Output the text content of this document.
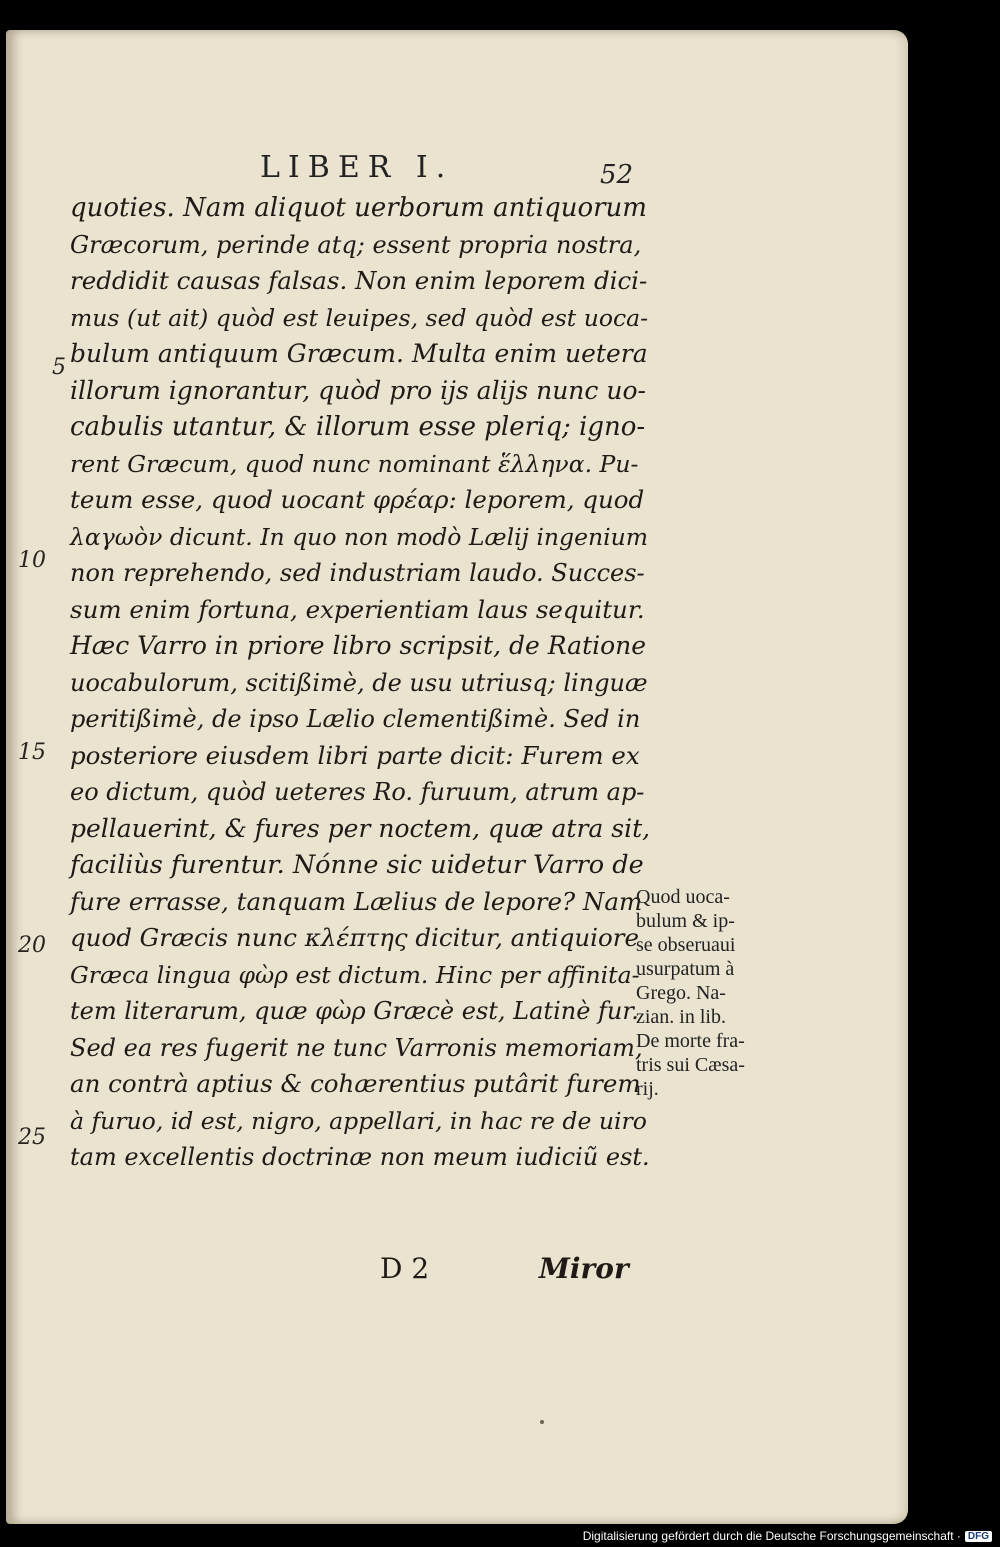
LIBER I.	52
quoties. Nam aliquot uerborum antiquorum
Græcorum, perinde atq; essent propria nostra,
reddidit causas falsas. Non enim leporem dici-
mus (ut ait) quòd est leuipes, sed quòd est uoca-
bulum antiquum Græcum. Multa enim uetera
illorum ignorantur, quòd pro ijs alijs nunc uo-
cabulis utantur, & illorum esse pleriq; igno-
rent Græcum, quod nunc nominant ἕλληνα. Pu-
teum esse, quod uocant φρέαρ: leporem, quod
λαγωὸν dicunt. In quo non modò Lælij ingenium
non reprehendo, sed industriam laudo. Succes-
sum enim fortuna, experientiam laus sequitur.
Hæc Varro in priore libro scripsit, de Ratione
uocabulorum, scitißimè, de usu utriusq; linguæ
peritißimè, de ipso Lælio clementißimè. Sed in
posteriore eiusdem libri parte dicit: Furem ex
eo dictum, quòd ueteres Ro. furuum, atrum ap-
pellauerint, & fures per noctem, quæ atra sit,
faciliùs furentur. Nónne sic uidetur Varro de
fure errasse, tanquam Lælius de lepore? Nam
quod Græcis nunc κλέπτης dicitur, antiquiore
Græca lingua φὼρ est dictum. Hinc per affinita-
tem literarum, quæ φὼρ Græcè est, Latinè fur.
Sed ea res fugerit ne tunc Varronis memoriam,
an contrà aptius & cohærentius putârit furem
à furuo, id est, nigro, appellari, in hac re de uiro
tam excellentis doctrinæ non meum iudiciũ est.
5
10
15
20
25
Quod uoca-
bulum & ip-
se obseruaui
usurpatum à
Grego. Na-
zian. in lib.
De morte fra-
tris sui Cæsa-
rij.
D 2	Miror
Digitalisierung gefördert durch die Deutsche Forschungsgemeinschaft · DFG
